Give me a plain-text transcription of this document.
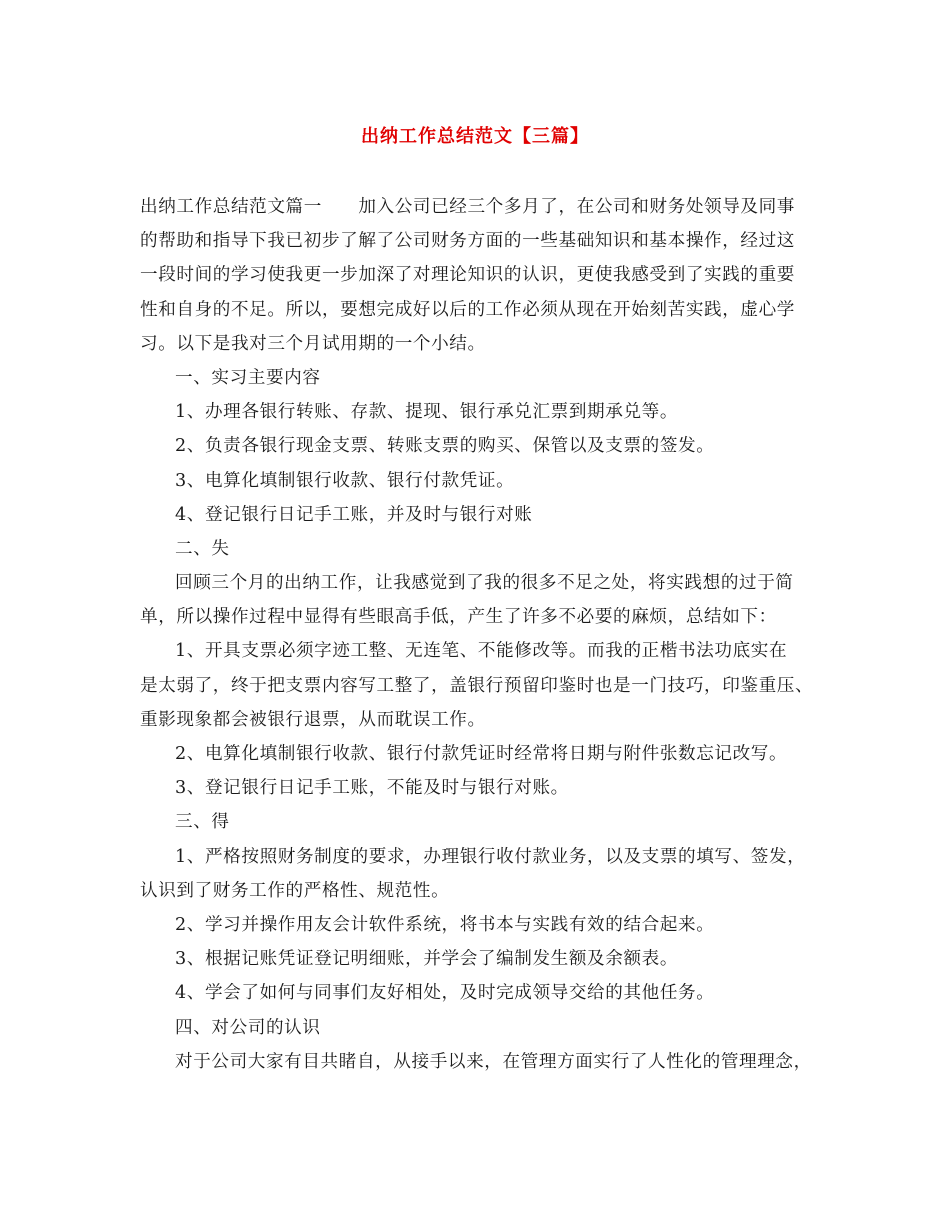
出纳工作总结范文【三篇】
出纳工作总结范文篇一　　加入公司已经三个多月了，在公司和财务处领导及同事
的帮助和指导下我已初步了解了公司财务方面的一些基础知识和基本操作，经过这
一段时间的学习使我更一步加深了对理论知识的认识，更使我感受到了实践的重要
性和自身的不足。所以，要想完成好以后的工作必须从现在开始刻苦实践，虚心学
习。以下是我对三个月试用期的一个小结。
一、实习主要内容
1、办理各银行转账、存款、提现、银行承兑汇票到期承兑等。
2、负责各银行现金支票、转账支票的购买、保管以及支票的签发。
3、电算化填制银行收款、银行付款凭证。
4、登记银行日记手工账，并及时与银行对账
二、失
回顾三个月的出纳工作，让我感觉到了我的很多不足之处，将实践想的过于简
单，所以操作过程中显得有些眼高手低，产生了许多不必要的麻烦，总结如下：
1、开具支票必须字迹工整、无连笔、不能修改等。而我的正楷书法功底实在
是太弱了，终于把支票内容写工整了，盖银行预留印鉴时也是一门技巧，印鉴重压、
重影现象都会被银行退票，从而耽误工作。
2、电算化填制银行收款、银行付款凭证时经常将日期与附件张数忘记改写。
3、登记银行日记手工账，不能及时与银行对账。
三、得
1、严格按照财务制度的要求，办理银行收付款业务，以及支票的填写、签发，
认识到了财务工作的严格性、规范性。
2、学习并操作用友会计软件系统，将书本与实践有效的结合起来。
3、根据记账凭证登记明细账，并学会了编制发生额及余额表。
4、学会了如何与同事们友好相处，及时完成领导交给的其他任务。
四、对公司的认识
对于公司大家有目共睹自，从接手以来，在管理方面实行了人性化的管理理念，
